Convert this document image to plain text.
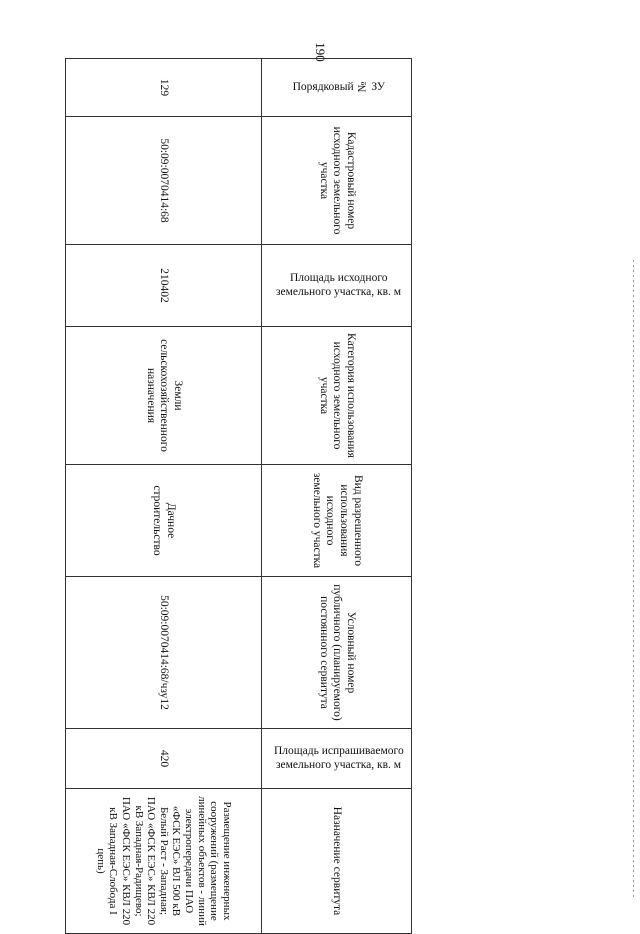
190
Порядковый № ЗУ	Кадастровый номер исходного земельного участка	Площадь исходного земельного участка, кв. м	Категория использования исходного земельного участка	Вид разрешенного использования исходного земельного участка	Условный номер публичного (планируемого) постоянного сервитута	Площадь испрашиваемого земельного участка, кв. м	Назначение сервитута
129	50:09:0070414:68	210402	Земли сельскохозяйственного назначения	Дачное строительство	50:09:0070414:68/чзу12	420	Размещение инженерных сооружений (размещение линейных объектов - линий электропередачи ПАО «ФСК ЕЭС» ВЛ 500 кВ Белый Раст - Западная; ПАО «ФСК ЕЭС» КВЛ 220 кВ Западная-Радищево; ПАО «ФСК ЕЭС» КВЛ 220 кВ Западная-Слобода I цепь)
